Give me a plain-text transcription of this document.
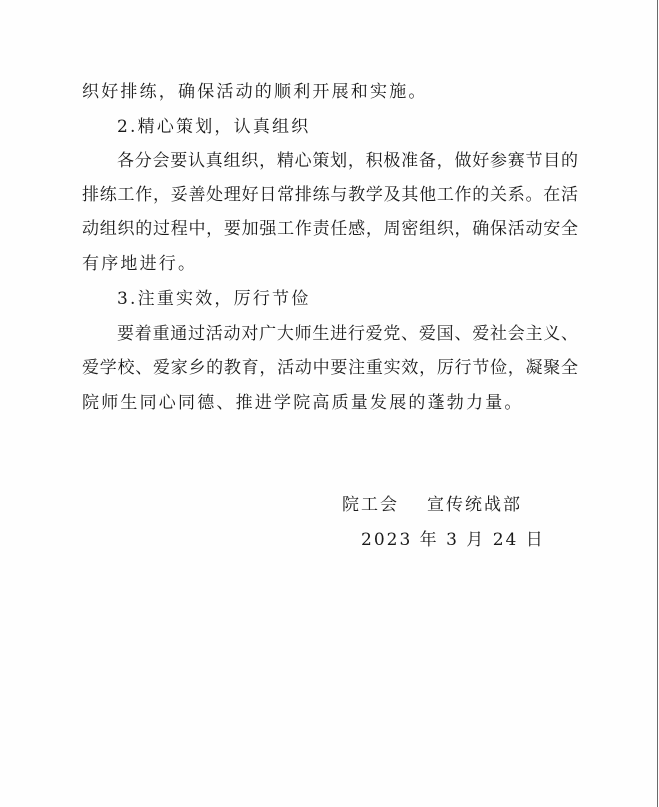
织好排练，确保活动的顺利开展和实施。
2.精心策划，认真组织
各分会要认真组织，精心策划，积极准备，做好参赛节目的
排练工作，妥善处理好日常排练与教学及其他工作的关系。在活
动组织的过程中，要加强工作责任感，周密组织，确保活动安全
有序地进行。
3.注重实效，厉行节俭
要着重通过活动对广大师生进行爱党、爱国、爱社会主义、
爱学校、爱家乡的教育，活动中要注重实效，厉行节俭，凝聚全
院师生同心同德、推进学院高质量发展的蓬勃力量。
院工会 宣传统战部
2023 年 3 月 24 日
